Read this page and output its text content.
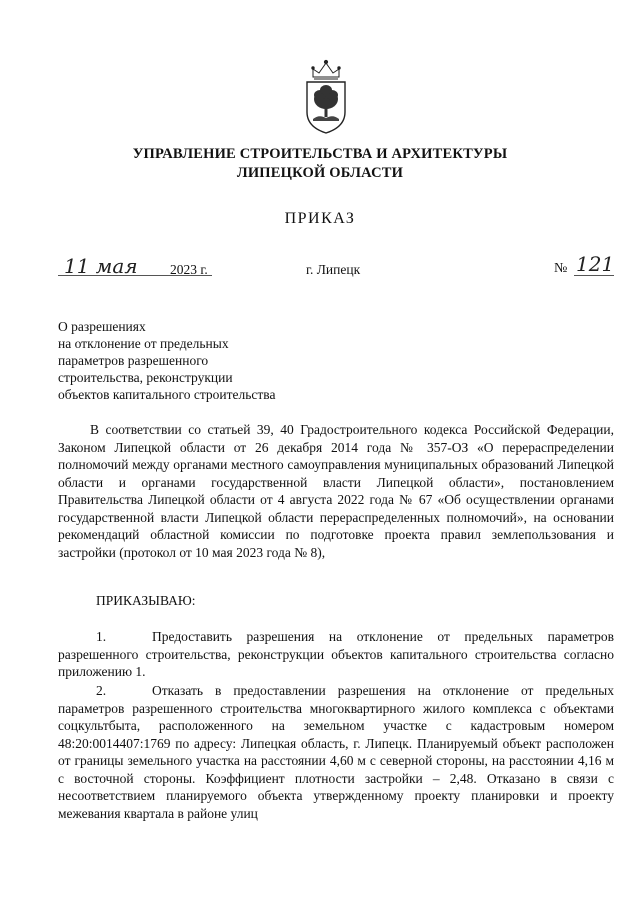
УПРАВЛЕНИЕ СТРОИТЕЛЬСТВА И АРХИТЕКТУРЫ
ЛИПЕЦКОЙ ОБЛАСТИ
ПРИКАЗ
11 мая 2023 г.	г. Липецк	№ 121
О разрешениях
на отклонение от предельных
параметров разрешенного
строительства, реконструкции
объектов капитального строительства

В соответствии со статьей 39, 40 Градостроительного кодекса Российской Федерации, Законом Липецкой области от 26 декабря 2014 года № 357-ОЗ «О перераспределении полномочий между органами местного самоуправления муниципальных образований Липецкой области и органами государственной власти Липецкой области», постановлением Правительства Липецкой области от 4 августа 2022 года № 67 «Об осуществлении органами государственной власти Липецкой области перераспределенных полномочий», на основании рекомендаций областной комиссии по подготовке проекта правил землепользования и застройки (протокол от 10 мая 2023 года № 8),

ПРИКАЗЫВАЮ:

1.	Предоставить разрешения на отклонение от предельных параметров разрешенного строительства, реконструкции объектов капитального строительства согласно приложению 1.

2.	Отказать в предоставлении разрешения на отклонение от предельных параметров разрешенного строительства многоквартирного жилого комплекса с объектами соцкультбыта, расположенного на земельном участке с кадастровым номером 48:20:0014407:1769 по адресу: Липецкая область, г. Липецк. Планируемый объект расположен от границы земельного участка на расстоянии 4,60 м с северной стороны, на расстоянии 4,16 м с восточной стороны. Коэффициент плотности застройки – 2,48. Отказано в связи с несоответствием планируемого объекта утвержденному проекту планировки и проекту межевания квартала в районе улиц
